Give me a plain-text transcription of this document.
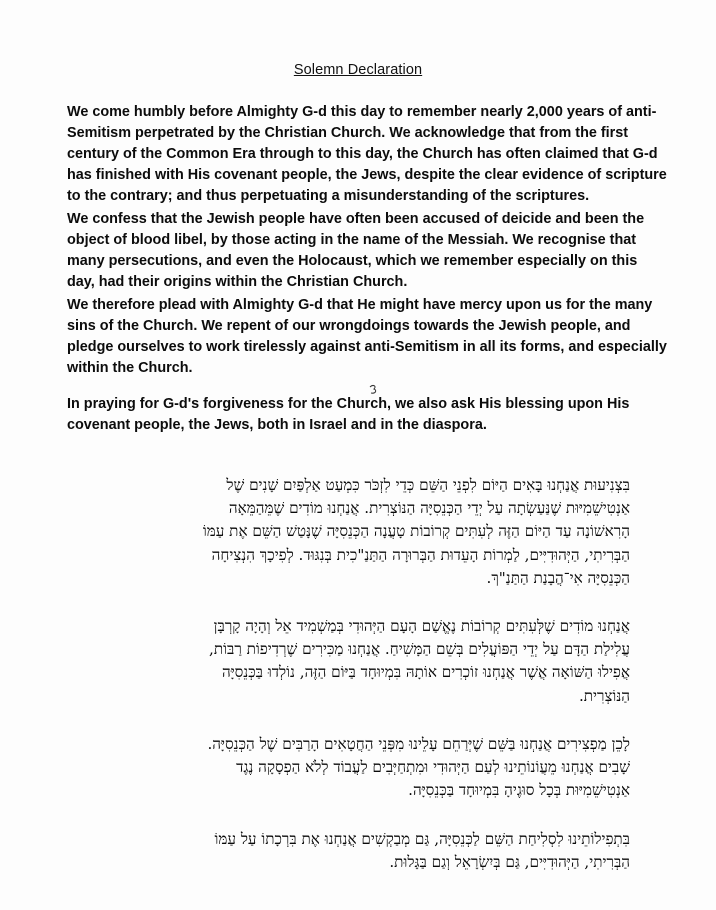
Solemn Declaration

We come humbly before Almighty G-d this day to remember nearly 2,000 years of anti-
Semitism perpetrated by the Christian Church. We acknowledge that from the first
century of the Common Era through to this day, the Church has often claimed that G-d
has finished with His covenant people, the Jews, despite the clear evidence of scripture
to the contrary; and thus perpetuating a misunderstanding of the scriptures.

We confess that the Jewish people have often been accused of deicide and been the
object of blood libel, by those acting in the name of the Messiah. We recognise that
many persecutions, and even the Holocaust, which we remember especially on this
day, had their origins within the Christian Church.

We therefore plead with Almighty G-d that He might have mercy upon us for the many
sins of the Church. We repent of our wrongdoings towards the Jewish people, and
pledge ourselves to work tirelessly against anti-Semitism in all its forms, and especially
within the Church.

In praying for G-d's forgiveness for the Church, we also ask His blessing upon His
covenant people, the Jews, both in Israel and in the diaspora.

בִּצְנִיעוּת אֲנַחְנוּ בָּאִים הַיּוֹם לִפְנֵי הַשֵּׁם כְּדֵי לִזְכֹּר כִּמְעַט אַלְפַּיִם שָׁנִים שֶׁל
אַנְטִישֵׁמִיּוּת שֶׁנַּעַשְׂתָה עַל יְדֵי הַכְּנֵסִיָּה הַנּוֹצְרִית. אֲנַחְנוּ מוֹדִים שֶׁמֵּהַמֵּאָה
הָרִאשׁוֹנָה עַד הַיּוֹם הַזֶּה לְעִתִּים קְרוֹבוֹת טָעֲנָה הַכְּנֵסִיָּה שֶׁנָּטַשׁ הַשֵּׁם אֶת עַמּוֹ
הַבְּרִיתִי, הַיְּהוּדִיִּים, לַמְרוֹת הָעֵדוּת הַבְּרוּרָה הַתַּנַ"כִית בְּנִגּוּד. לְפִיכָךְ הִנְצִיחָה
הַכְּנֵסִיָּה אִי־הֲבָנַת הַתַּנַ"ךְ.

אֲנַחְנוּ מוֹדִים שֶׁלְּעִתִּים קְרוֹבוֹת נֶאֱשַׁם הָעָם הַיְּהוּדִי בְּמַשְׁמִיד אֵל וְהָיָה קָרְבָּן
עֲלִילַת הַדָּם עַל יְדֵי הַפּוֹעֲלִים בְּשֵׁם הַמָּשִׁיחַ. אֲנַחְנוּ מַכִּירִים שֶׁרְדִיפוֹת רַבּוֹת,
אֲפִילוּ הַשּׁוֹאָה אֲשֶׁר אֲנַחְנוּ זוֹכְרִים אוֹתָהּ בִּמְיוּחָד בַּיּוֹם הַזֶּה, נוֹלְדוּ בַּכְּנֵסִיָּה
הַנּוֹצְרִית.

לָכֵן מַפְצִירִים אֲנַחְנוּ בַּשֵּׁם שֶׁיְּרַחֵם עָלֵינוּ מִפְּנֵי הַחֲטָאִים הָרַבִּים שֶׁל הַכְּנֵסִיָּה.
שָׁבִים אֲנַחְנוּ מֵעֲוֹנוֹתֵינוּ לְעַם הַיְּהוּדִי וּמִתְחַיְּבִים לַעֲבוֹד לְלֹא הַפְסָקָה נֶגֶד
אַנְטִישֵׁמִיּוּת בְּכָל סוּגֶיהָ בִּמְיוּחָד בַּכְּנֵסִיָּה.

בִּתְפִילוֹתֵינוּ לִסְלִיחַת הַשֵּׁם לַכְּנֵסִיָּה, גַּם מְבַקְשִׁים אֲנַחְנוּ אֶת בִּרְכָתוֹ עַל עַמּוֹ
הַבְּרִיתִי, הַיְּהוּדִיִּים, גַּם בְּיִשְׂרָאֵל וְגַם בַּגָּלוּת.
